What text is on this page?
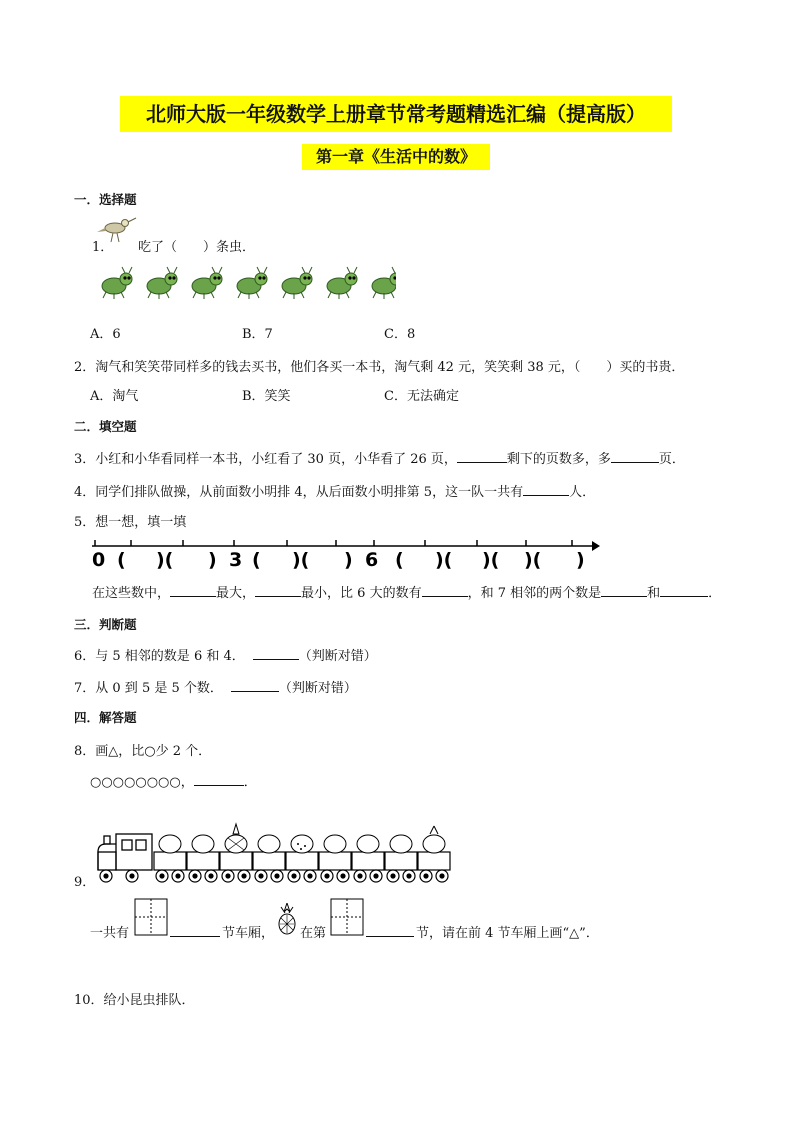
北师大版一年级数学上册章节常考题精选汇编（提高版）
第一章《生活中的数》
一．选择题
1． 吃了（　　）条虫．
A．6	B．7	C．8
2．淘气和笑笑带同样多的钱去买书，他们各买一本书，淘气剩 42 元，笑笑剩 38 元，（　　）买的书贵．
A．淘气	B．笑笑	C．无法确定
二．填空题
3．小红和小华看同样一本书，小红看了 30 页，小华看了 26 页，	剩下的页数多，多	页．
4．同学们排队做操，从前面数小明排 4，从后面数小明排第 5，这一队一共有	人．
5．想一想，填一填
0 ( )( ) 3 ( )( ) 6 ( )( )( )( )
在这些数中，	最大，	最小，比 6 大的数有	，和 7 相邻的两个数是	和	．
三．判断题
6．与 5 相邻的数是 6 和 4．	（判断对错）
7．从 0 到 5 是 5 个数．	（判断对错）
四．解答题
8．画△，比○少 2 个．
○○○○○○○○，	．
9．
一共有	节车厢， 在第	节，请在前 4 节车厢上画“△”．
10．给小昆虫排队．
